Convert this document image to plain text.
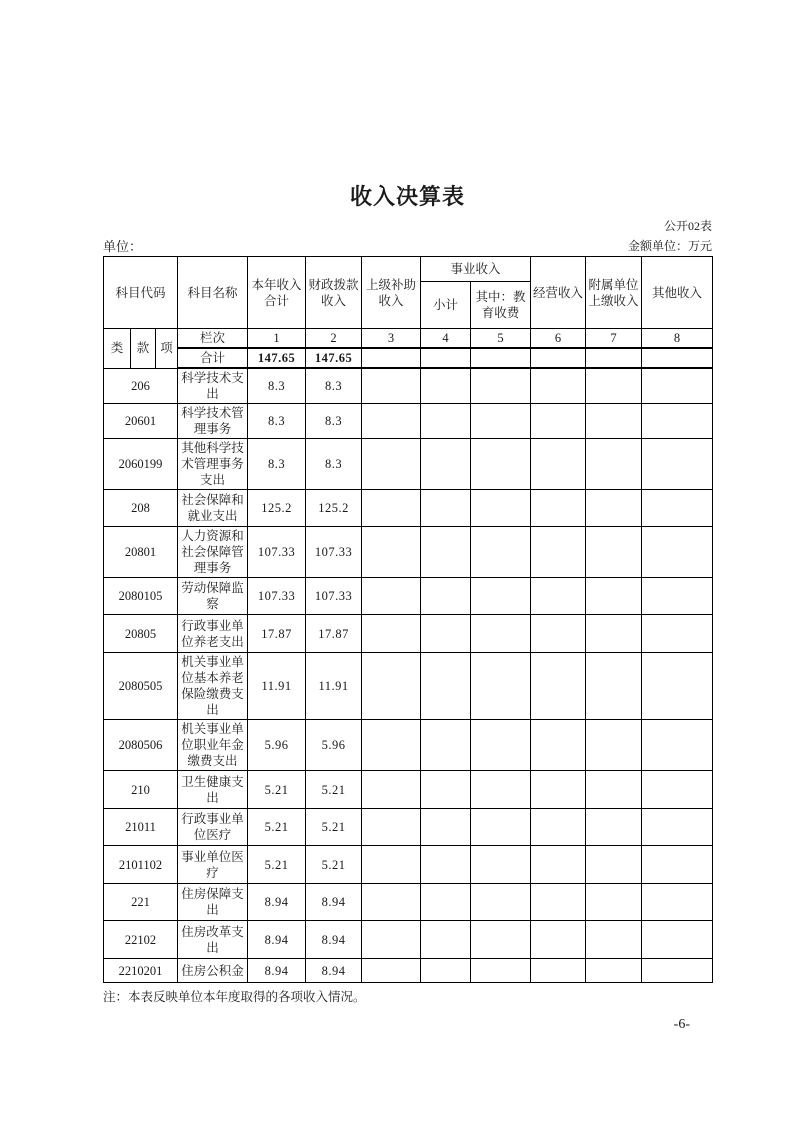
收入决算表
公开02表
单位：	金额单位：万元
科目代码			科目名称	本年收入合计	财政拨款收入	上级补助收入	事业收入		经营收入	附属单位上缴收入	其他收入
							小计	其中：教育收费			
类	款	项	栏次	1	2	3	4	5	6	7	8
			合计	147.65	147.65						
206			科学技术支出	8.3	8.3						
20601			科学技术管理事务	8.3	8.3						
2060199			其他科学技术管理事务支出	8.3	8.3						
208			社会保障和就业支出	125.2	125.2						
20801			人力资源和社会保障管理事务	107.33	107.33						
2080105			劳动保障监察	107.33	107.33						
20805			行政事业单位养老支出	17.87	17.87						
2080505			机关事业单位基本养老保险缴费支出	11.91	11.91						
2080506			机关事业单位职业年金缴费支出	5.96	5.96						
210			卫生健康支出	5.21	5.21						
21011			行政事业单位医疗	5.21	5.21						
2101102			事业单位医疗	5.21	5.21						
221			住房保障支出	8.94	8.94						
22102			住房改革支出	8.94	8.94						
2210201			住房公积金	8.94	8.94						
注：本表反映单位本年度取得的各项收入情况。
-6-
